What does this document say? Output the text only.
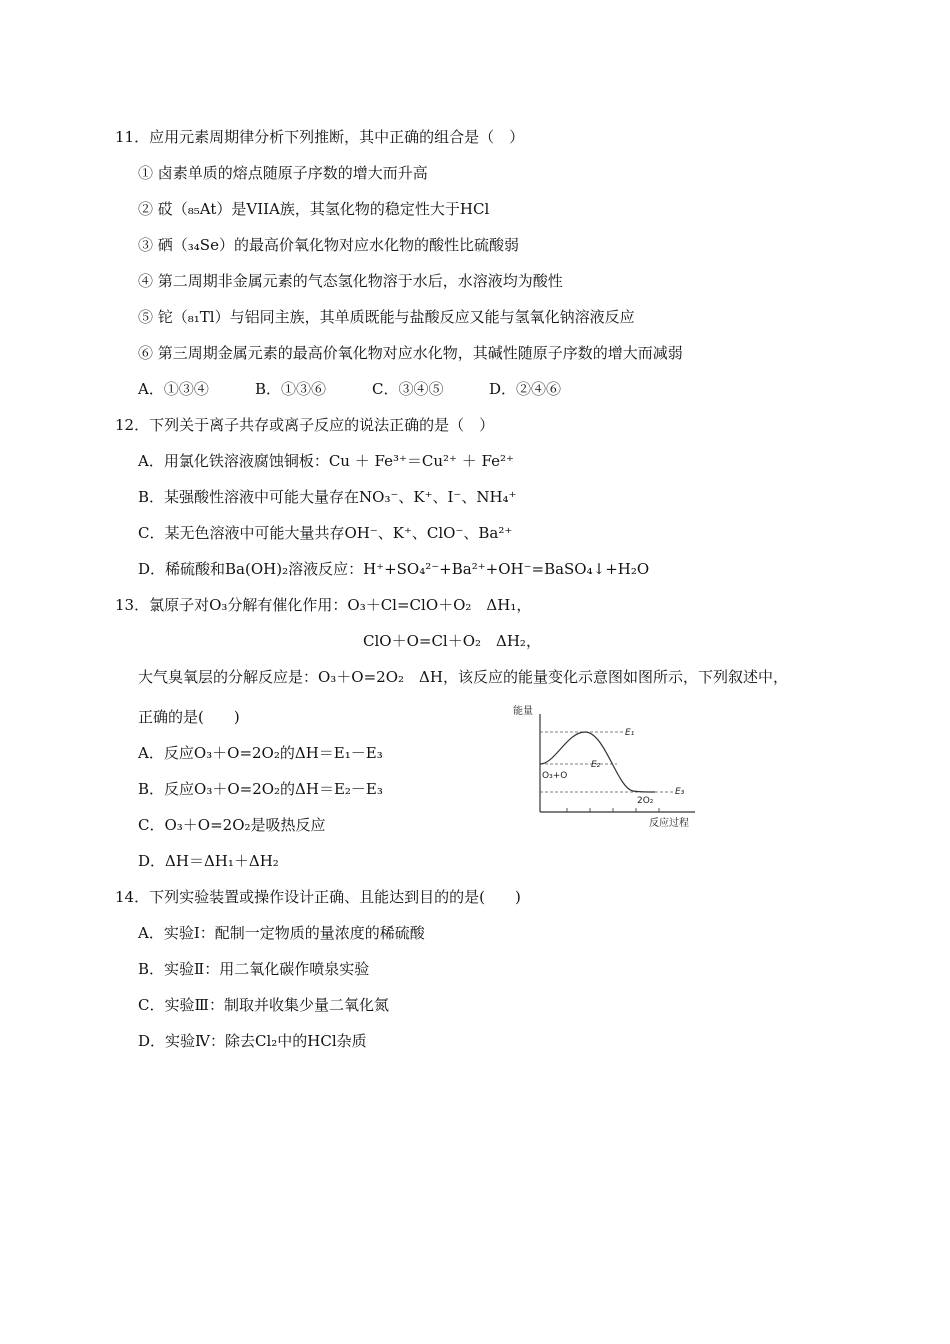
11．应用元素周期律分析下列推断，其中正确的组合是（　）
① 卤素单质的熔点随原子序数的增大而升高
② 砹（₈₅At）是VIIA族，其氢化物的稳定性大于HCl
③ 硒（₃₄Se）的最高价氧化物对应水化物的酸性比硫酸弱
④ 第二周期非金属元素的气态氢化物溶于水后，水溶液均为酸性
⑤ 铊（₈₁Tl）与铝同主族，其单质既能与盐酸反应又能与氢氧化钠溶液反应
⑥ 第三周期金属元素的最高价氧化物对应水化物，其碱性随原子序数的增大而减弱
A．①③④	B．①③⑥	C．③④⑤	D．②④⑥
12．下列关于离子共存或离子反应的说法正确的是（　）
A．用氯化铁溶液腐蚀铜板：Cu ＋ Fe³⁺＝Cu²⁺ ＋ Fe²⁺
B．某强酸性溶液中可能大量存在NO₃⁻、K⁺、I⁻、NH₄⁺
C．某无色溶液中可能大量共存OH⁻、K⁺、ClO⁻、Ba²⁺
D．稀硫酸和Ba(OH)₂溶液反应：H⁺+SO₄²⁻+Ba²⁺+OH⁻=BaSO₄↓+H₂O
13．氯原子对O₃分解有催化作用：O₃＋Cl=ClO＋O₂　ΔH₁，
ClO＋O=Cl＋O₂　ΔH₂，
大气臭氧层的分解反应是：O₃＋O=2O₂　ΔH，该反应的能量变化示意图如图所示，下列叙述中，
正确的是(　　)
A．反应O₃＋O=2O₂的ΔH＝E₁－E₃
B．反应O₃＋O=2O₂的ΔH＝E₂－E₃
C．O₃＋O=2O₂是吸热反应
D．ΔH＝ΔH₁＋ΔH₂
能量
E₁
E₂
E₃
O₃+O
2O₂
反应过程
14．下列实验装置或操作设计正确、且能达到目的的是(　　)
A．实验Ⅰ：配制一定物质的量浓度的稀硫酸
B．实验Ⅱ：用二氧化碳作喷泉实验
C．实验Ⅲ：制取并收集少量二氧化氮
D．实验Ⅳ：除去Cl₂中的HCl杂质
